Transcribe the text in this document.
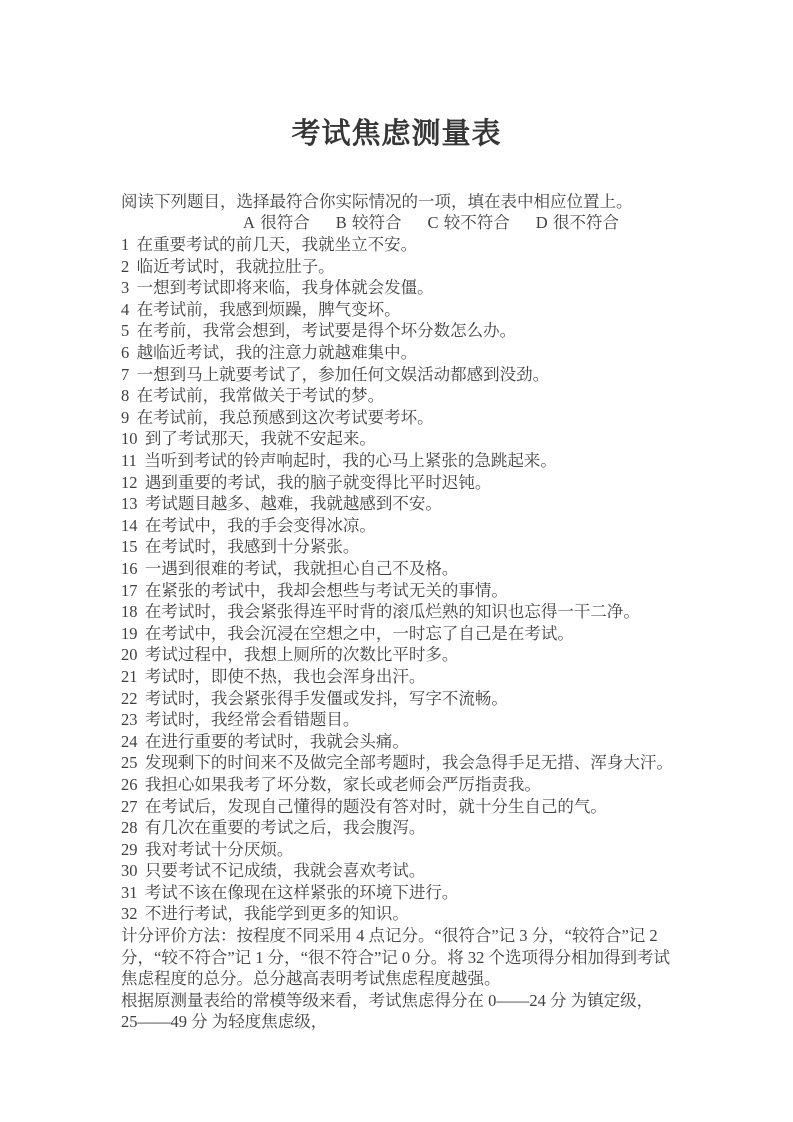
考试焦虑测量表
阅读下列题目，选择最符合你实际情况的一项，填在表中相应位置上。
A 很符合 B 较符合 C 较不符合 D 很不符合
1 在重要考试的前几天，我就坐立不安。
2 临近考试时，我就拉肚子。
3 一想到考试即将来临，我身体就会发僵。
4 在考试前，我感到烦躁，脾气变坏。
5 在考前，我常会想到，考试要是得个坏分数怎么办。
6 越临近考试，我的注意力就越难集中。
7 一想到马上就要考试了，参加任何文娱活动都感到没劲。
8 在考试前，我常做关于考试的梦。
9 在考试前，我总预感到这次考试要考坏。
10 到了考试那天，我就不安起来。
11 当听到考试的铃声响起时，我的心马上紧张的急跳起来。
12 遇到重要的考试，我的脑子就变得比平时迟钝。
13 考试题目越多、越难，我就越感到不安。
14 在考试中，我的手会变得冰凉。
15 在考试时，我感到十分紧张。
16 一遇到很难的考试，我就担心自己不及格。
17 在紧张的考试中，我却会想些与考试无关的事情。
18 在考试时，我会紧张得连平时背的滚瓜烂熟的知识也忘得一干二净。
19 在考试中，我会沉浸在空想之中，一时忘了自己是在考试。
20 考试过程中，我想上厕所的次数比平时多。
21 考试时，即使不热，我也会浑身出汗。
22 考试时，我会紧张得手发僵或发抖，写字不流畅。
23 考试时，我经常会看错题目。
24 在进行重要的考试时，我就会头痛。
25 发现剩下的时间来不及做完全部考题时，我会急得手足无措、浑身大汗。
26 我担心如果我考了坏分数，家长或老师会严厉指责我。
27 在考试后，发现自己懂得的题没有答对时，就十分生自己的气。
28 有几次在重要的考试之后，我会腹泻。
29 我对考试十分厌烦。
30 只要考试不记成绩，我就会喜欢考试。
31 考试不该在像现在这样紧张的环境下进行。
32 不进行考试，我能学到更多的知识。
计分评价方法：按程度不同采用 4 点记分。“很符合”记 3 分，“较符合”记 2
分，“较不符合”记 1 分，“很不符合”记 0 分。将 32 个选项得分相加得到考试
焦虑程度的总分。总分越高表明考试焦虑程度越强。
根据原测量表给的常模等级来看，考试焦虑得分在 0——24 分 为镇定级，
25——49 分 为轻度焦虑级，
